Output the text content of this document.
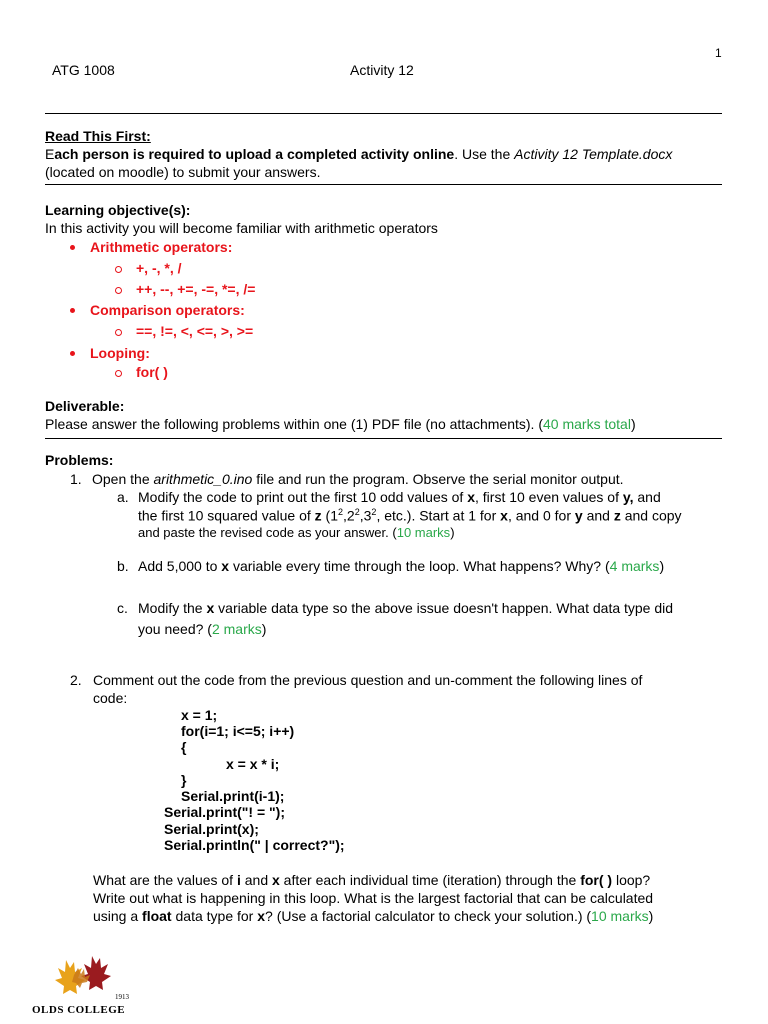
1
ATG 1008	Activity 12
Read This First:
Each person is required to upload a completed activity online. Use the Activity 12 Template.docx
(located on moodle) to submit your answers.
Learning objective(s):
In this activity you will become familiar with arithmetic operators
Arithmetic operators:
+, -, *, /
++, --, +=, -=, *=, /=
Comparison operators:
==, !=, <, <=, >, >=
Looping:
for( )
Deliverable:
Please answer the following problems within one (1) PDF file (no attachments). (40 marks total)
Problems:
1. Open the arithmetic_0.ino file and run the program. Observe the serial monitor output.
a. Modify the code to print out the first 10 odd values of x, first 10 even values of y, and
the first 10 squared value of z ($1^2,2^2,3^2$, etc.). Start at 1 for x, and 0 for y and z and copy
and paste the revised code as your answer. (10 marks)
b. Add 5,000 to x variable every time through the loop. What happens? Why? (4 marks)
c. Modify the x variable data type so the above issue doesn't happen. What data type did
you need? (2 marks)
2. Comment out the code from the previous question and un-comment the following lines of
code:
x = 1;
for(i=1; i<=5; i++)
{
x = x * i;
}
Serial.print(i-1);
Serial.print("! = ");
Serial.print(x);
Serial.println(" | correct?");
What are the values of i and x after each individual time (iteration) through the for( ) loop?
Write out what is happening in this loop. What is the largest factorial that can be calculated
using a float data type for x? (Use a factorial calculator to check your solution.) (10 marks)
1913
OLDS COLLEGE
